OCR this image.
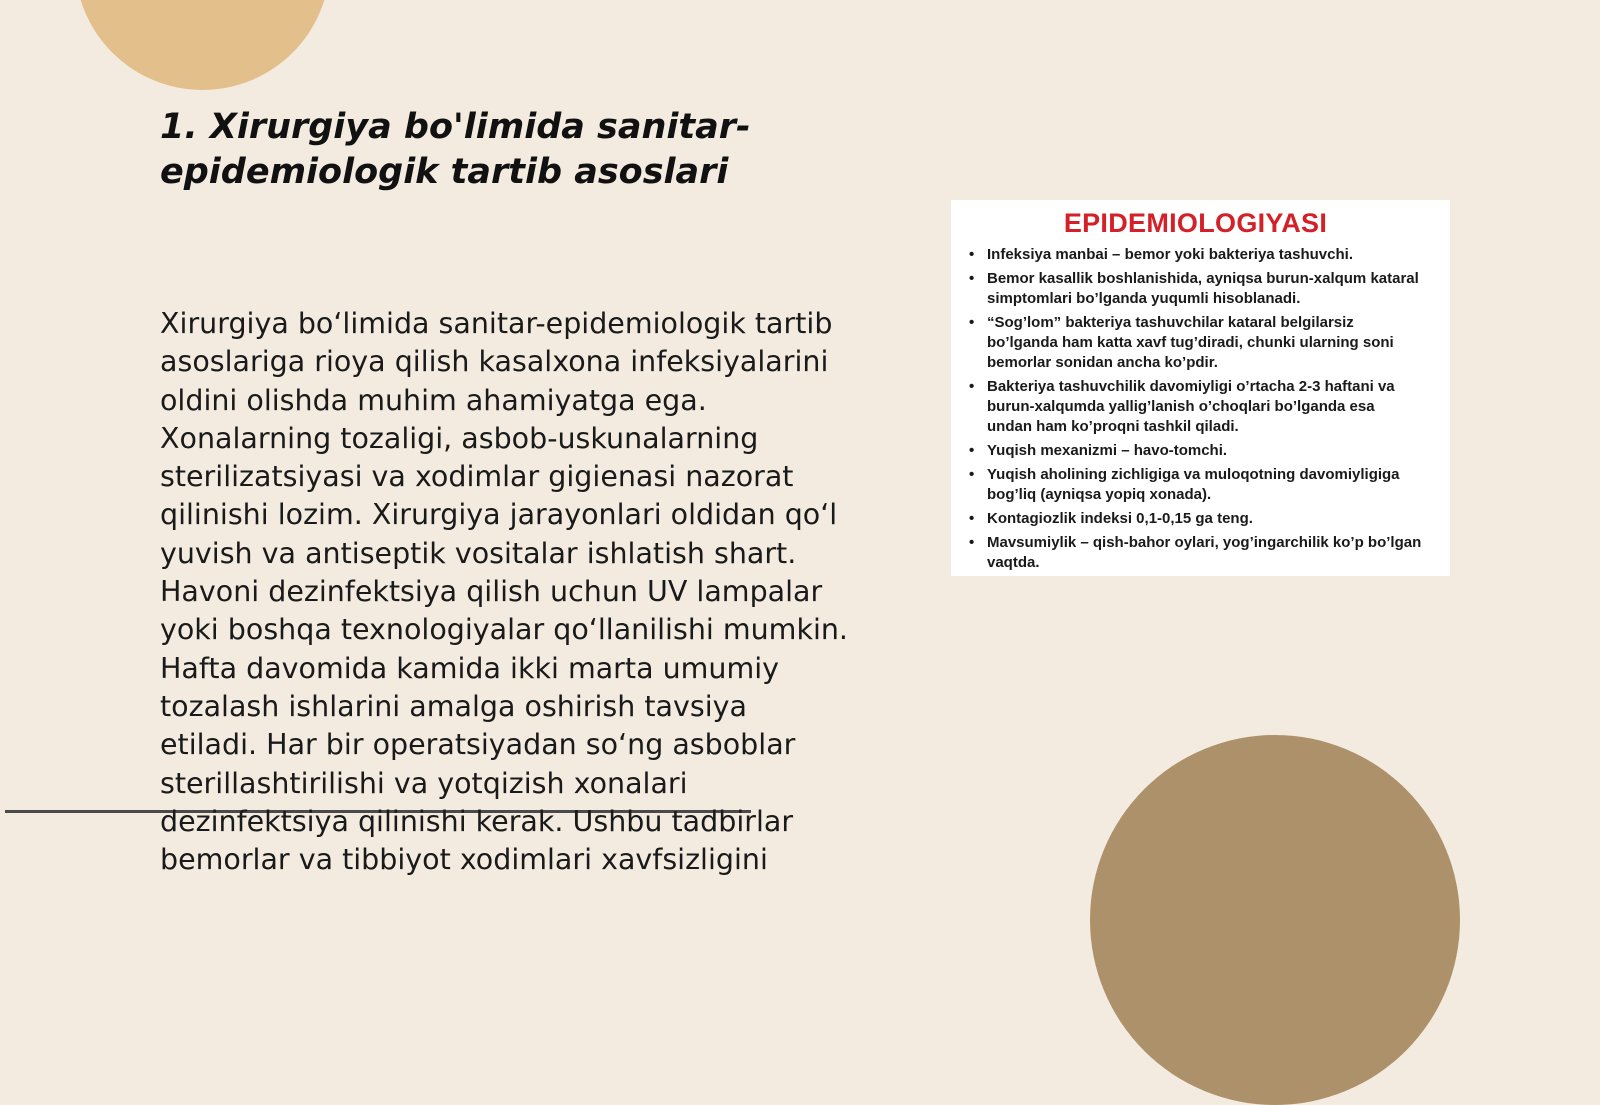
1. Xirurgiya bo'limida sanitar-epidemiologik tartib asoslari

Xirurgiya bo‘limida sanitar-epidemiologik tartib asoslariga rioya qilish kasalxona infeksiyalarini oldini olishda muhim ahamiyatga ega. Xonalarning tozaligi, asbob-uskunalarning sterilizatsiyasi va xodimlar gigienasi nazorat qilinishi lozim. Xirurgiya jarayonlari oldidan qo‘l yuvish va antiseptik vositalar ishlatish shart. Havoni dezinfektsiya qilish uchun UV lampalar yoki boshqa texnologiyalar qo‘llanilishi mumkin. Hafta davomida kamida ikki marta umumiy tozalash ishlarini amalga oshirish tavsiya etiladi. Har bir operatsiyadan so‘ng asboblar sterillashtirilishi va yotqizish xonalari dezinfektsiya qilinishi kerak. Ushbu tadbirlar bemorlar va tibbiyot xodimlari xavfsizligini

EPIDEMIOLOGIYASI
• Infeksiya manbai – bemor yoki bakteriya tashuvchi.
• Bemor kasallik boshlanishida, ayniqsa burun-xalqum kataral simptomlari bo’lganda yuqumli hisoblanadi.
• “Sog’lom” bakteriya tashuvchilar kataral belgilarsiz bo’lganda ham katta xavf tug’diradi, chunki ularning soni bemorlar sonidan ancha ko’pdir.
• Bakteriya tashuvchilik davomiyligi o’rtacha 2-3 haftani va burun-xalqumda yallig’lanish o’choqlari bo’lganda esa undan ham ko’proqni tashkil qiladi.
• Yuqish mexanizmi – havo-tomchi.
• Yuqish aholining zichligiga va muloqotning davomiyligiga bog’liq (ayniqsa yopiq xonada).
• Kontagiozlik indeksi 0,1-0,15 ga teng.
• Mavsumiylik – qish-bahor oylari, yog’ingarchilik ko’p bo’lgan vaqtda.
